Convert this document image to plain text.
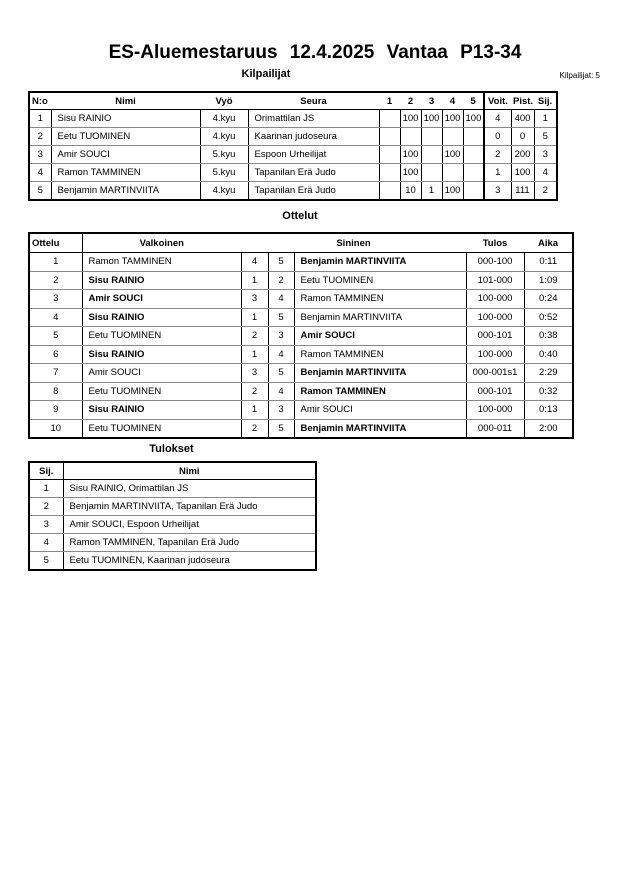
ES-Aluemestaruus 12.4.2025 Vantaa P13-34
Kilpailijat	Kilpailijat: 5
N:o	Nimi	Vyö	Seura	1	2	3	4	5	Voit.	Pist.	Sij.
1	Sisu RAINIO	4.kyu	Orimattilan JS		100	100	100	100	4	400	1
2	Eetu TUOMINEN	4.kyu	Kaarinan judoseura						0	0	5
3	Amir SOUCI	5.kyu	Espoon Urheilijat		100		100		2	200	3
4	Ramon TAMMINEN	5.kyu	Tapanilan Erä Judo		100				1	100	4
5	Benjamin MARTINVIITA	4.kyu	Tapanilan Erä Judo		10	1	100		3	111	2
Ottelut
Ottelu	Valkoinen	Sininen			Tulos	Aika
1	Ramon TAMMINEN	4	5	Benjamin MARTINVIITA	000-100	0:11
2	Sisu RAINIO	1	2	Eetu TUOMINEN	101-000	1:09
3	Amir SOUCI	3	4	Ramon TAMMINEN	100-000	0:24
4	Sisu RAINIO	1	5	Benjamin MARTINVIITA	100-000	0:52
5	Eetu TUOMINEN	2	3	Amir SOUCI	000-101	0:38
6	Sisu RAINIO	1	4	Ramon TAMMINEN	100-000	0:40
7	Amir SOUCI	3	5	Benjamin MARTINVIITA	000-001s1	2:29
8	Eetu TUOMINEN	2	4	Ramon TAMMINEN	000-101	0:32
9	Sisu RAINIO	1	3	Amir SOUCI	100-000	0:13
10	Eetu TUOMINEN	2	5	Benjamin MARTINVIITA	000-011	2:00
Tulokset
Sij.	Nimi
1	Sisu RAINIO, Orimattilan JS
2	Benjamin MARTINVIITA, Tapanilan Erä Judo
3	Amir SOUCI, Espoon Urheilijat
4	Ramon TAMMINEN, Tapanilan Erä Judo
5	Eetu TUOMINEN, Kaarinan judoseura
